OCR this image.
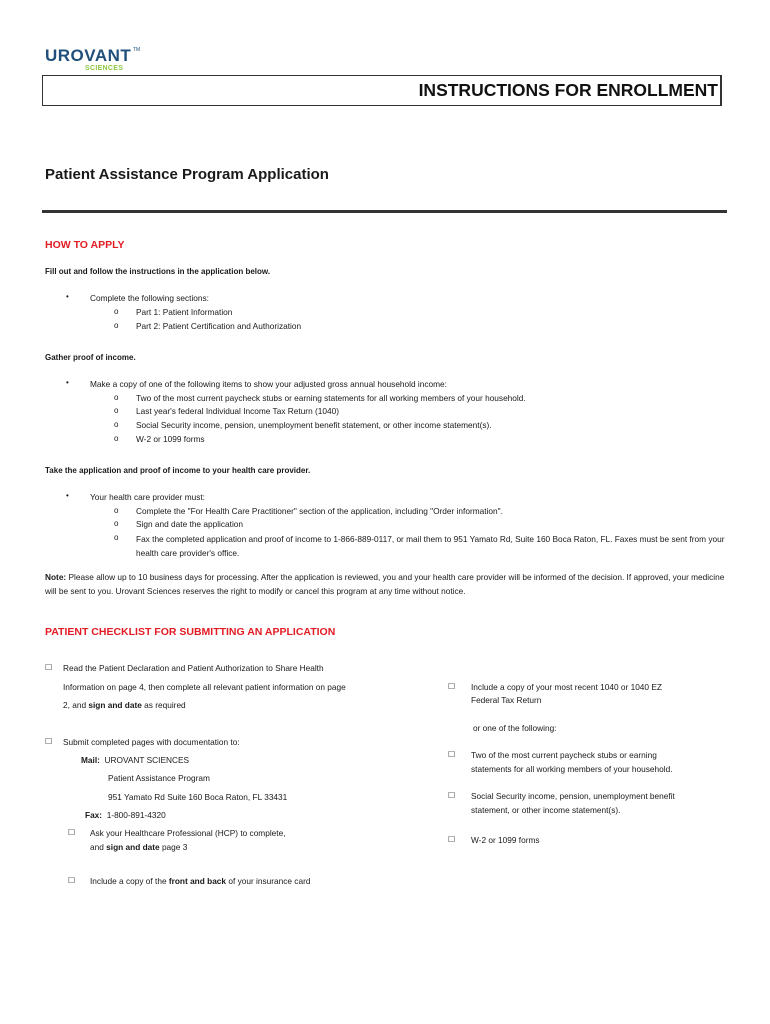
UROVANT TM
SCIENCES
INSTRUCTIONS FOR ENROLLMENT
Patient Assistance Program Application
HOW TO APPLY
Fill out and follow the instructions in the application below.
•	Complete the following sections:
o Part 1: Patient Information
o Part 2: Patient Certification and Authorization
Gather proof of income.
•	Make a copy of one of the following items to show your adjusted gross annual household income:
o Two of the most current paycheck stubs or earning statements for all working members of your household.
o Last year's federal Individual Income Tax Return (1040)
o Social Security income, pension, unemployment benefit statement, or other income statement(s).
o W-2 or 1099 forms
Take the application and proof of income to your health care provider.
•	Your health care provider must:
o Complete the "For Health Care Practitioner" section of the application, including "Order information".
o Sign and date the application
o Fax the completed application and proof of income to 1-866-889-0117, or mail them to 951 Yamato Rd, Suite 160 Boca Raton, FL. Faxes must be sent from your health care provider's office.
Note: Please allow up to 10 business days for processing. After the application is reviewed, you and your health care provider will be informed of the decision. If approved, your medicine will be sent to you. Urovant Sciences reserves the right to modify or cancel this program at any time without notice.
PATIENT CHECKLIST FOR SUBMITTING AN APPLICATION
☐ Read the Patient Declaration and Patient Authorization to Share Health
Information on page 4, then complete all relevant patient information on page
2, and sign and date as required
☐ Submit completed pages with documentation to:
Mail: UROVANT SCIENCES
Patient Assistance Program
951 Yamato Rd Suite 160 Boca Raton, FL 33431
Fax: 1-800-891-4320
☐ Ask your Healthcare Professional (HCP) to complete,
and sign and date page 3
☐ Include a copy of the front and back of your insurance card
☐ Include a copy of your most recent 1040 or 1040 EZ
Federal Tax Return
or one of the following:
☐ Two of the most current paycheck stubs or earning
statements for all working members of your household.
☐ Social Security income, pension, unemployment benefit
statement, or other income statement(s).
☐ W-2 or 1099 forms
